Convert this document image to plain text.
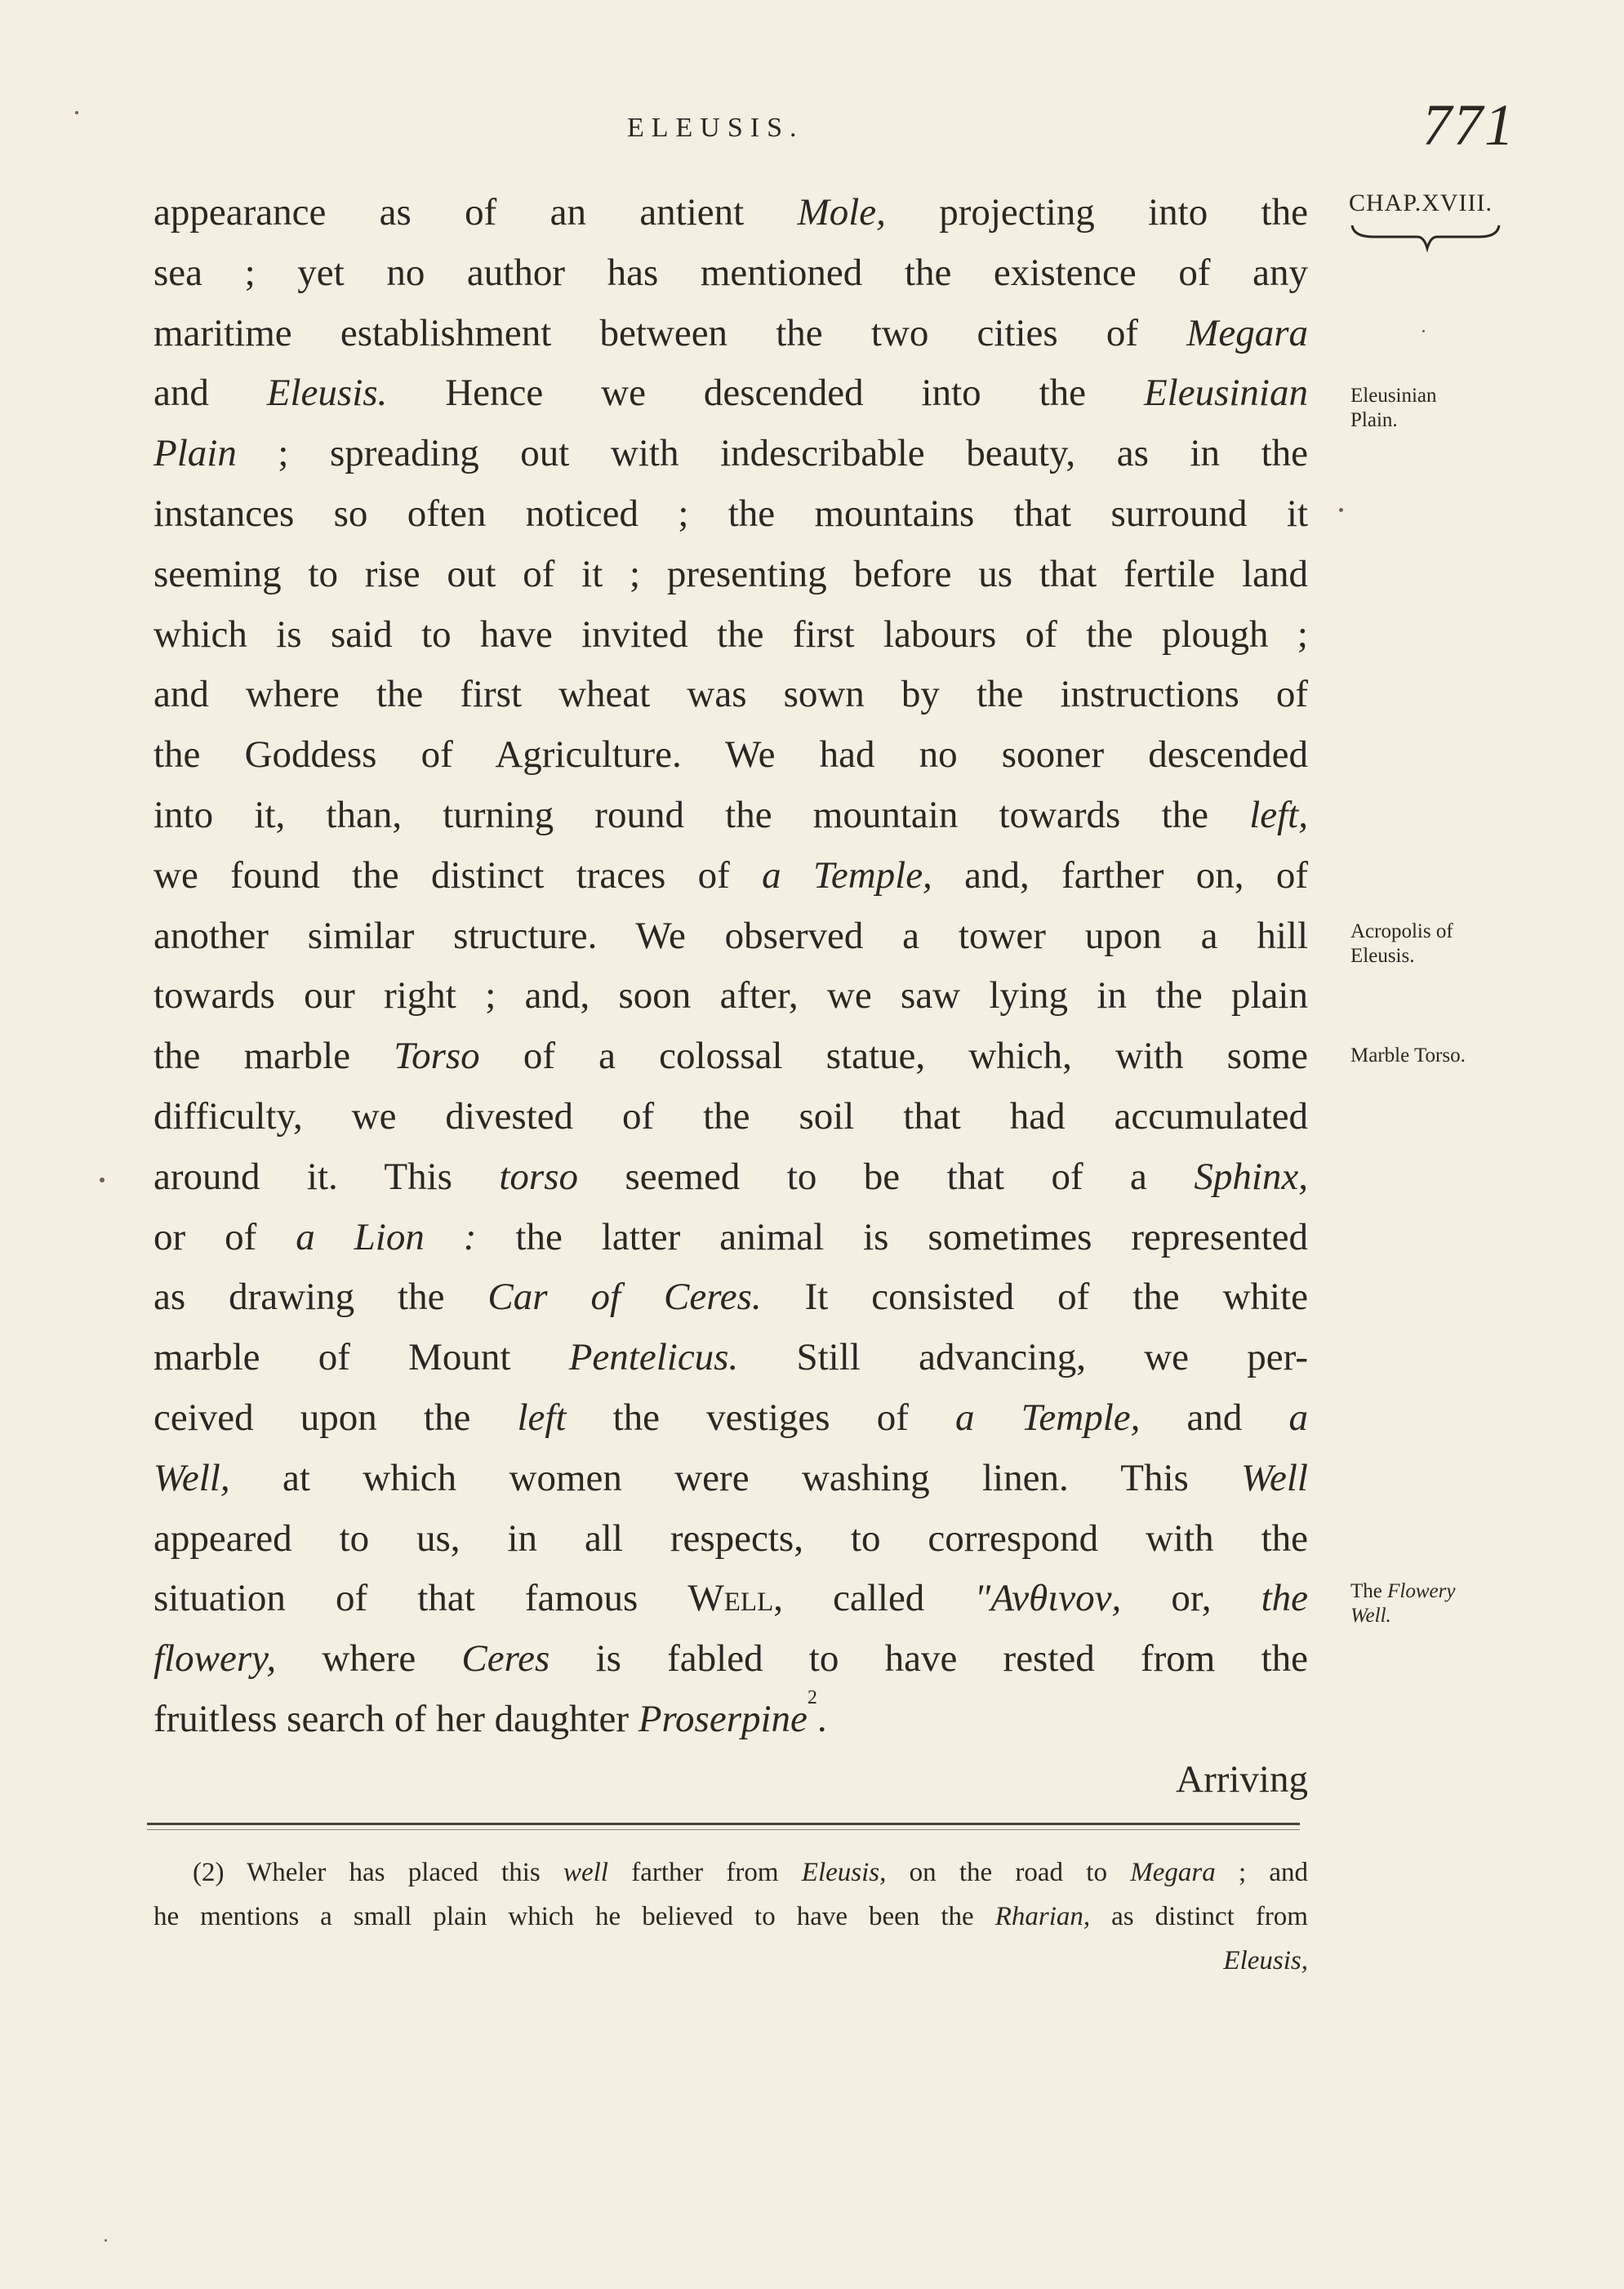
ELEUSIS.	771
CHAP.XVIII.
appearance as of an antient Mole, projecting into the
sea ; yet no author has mentioned the existence of any
maritime establishment between the two cities of Megara
and Eleusis. Hence we descended into the Eleusinian
Plain ; spreading out with indescribable beauty, as in the
instances so often noticed ; the mountains that surround it
seeming to rise out of it ; presenting before us that fertile land
which is said to have invited the first labours of the plough ;
and where the first wheat was sown by the instructions of
the Goddess of Agriculture. We had no sooner descended
into it, than, turning round the mountain towards the left,
we found the distinct traces of a Temple, and, farther on, of
another similar structure. We observed a tower upon a hill
towards our right ; and, soon after, we saw lying in the plain
the marble Torso of a colossal statue, which, with some
difficulty, we divested of the soil that had accumulated
around it. This torso seemed to be that of a Sphinx,
or of a Lion : the latter animal is sometimes represented
as drawing the Car of Ceres. It consisted of the white
marble of Mount Pentelicus. Still advancing, we per-
ceived upon the left the vestiges of a Temple, and a
Well, at which women were washing linen. This Well
appeared to us, in all respects, to correspond with the
situation of that famous Well, called "Ανθινον, or, the
flowery, where Ceres is fabled to have rested from the
fruitless search of her daughter Proserpine$^2$.
Arriving
Eleusinian
Plain.
Acropolis of
Eleusis.
Marble Torso.
The Flowery
Well.
(2) Wheler has placed this well farther from Eleusis, on the road to Megara ; and
he mentions a small plain which he believed to have been the Rharian, as distinct from
Eleusis,
